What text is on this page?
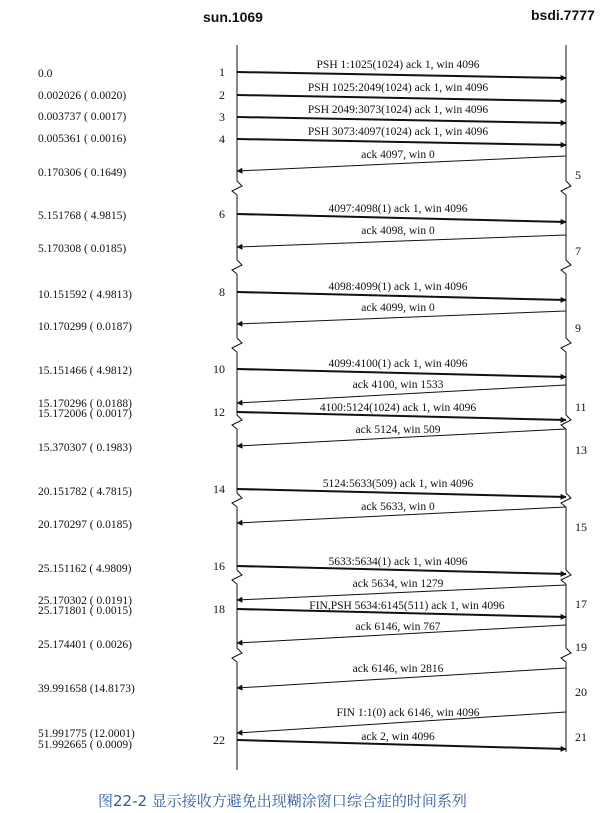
sun.1069	bsdi.7777
0.0
0.002026 ( 0.0020)
0.003737 ( 0.0017)
0.005361 ( 0.0016)
0.170306 ( 0.1649)
5.151768 ( 4.9815)
5.170308 ( 0.0185)
10.151592 ( 4.9813)
10.170299 ( 0.0187)
15.151466 ( 4.9812)
15.170296 ( 0.0188)
15.172006 ( 0.0017)
15.370307 ( 0.1983)
20.151782 ( 4.7815)
20.170297 ( 0.0185)
25.151162 ( 4.9809)
25.170302 ( 0.0191)
25.171801 ( 0.0015)
25.174401 ( 0.0026)
39.991658 (14.8173)
51.991775 (12.0001)
51.992665 ( 0.0009)
PSH 1:1025(1024) ack 1, win 4096
1
PSH 1025:2049(1024) ack 1, win 4096
2
PSH 2049:3073(1024) ack 1, win 4096
3
PSH 3073:4097(1024) ack 1, win 4096
4
ack 4097, win 0
5
4097:4098(1) ack 1, win 4096
6
ack 4098, win 0
7
4098:4099(1) ack 1, win 4096
8
ack 4099, win 0
9
4099:4100(1) ack 1, win 4096
10
ack 4100, win 1533
11
4100:5124(1024) ack 1, win 4096
12
ack 5124, win 509
13
5124:5633(509) ack 1, win 4096
14
ack 5633, win 0
15
5633:5634(1) ack 1, win 4096
16
ack 5634, win 1279
17
FIN,PSH 5634:6145(511) ack 1, win 4096
18
ack 6146, win 767
19
ack 6146, win 2816
20
FIN 1:1(0) ack 6146, win 4096
21
ack 2, win 4096
22
图22-2 显示接收方避免出现糊涂窗口综合症的时间系列
